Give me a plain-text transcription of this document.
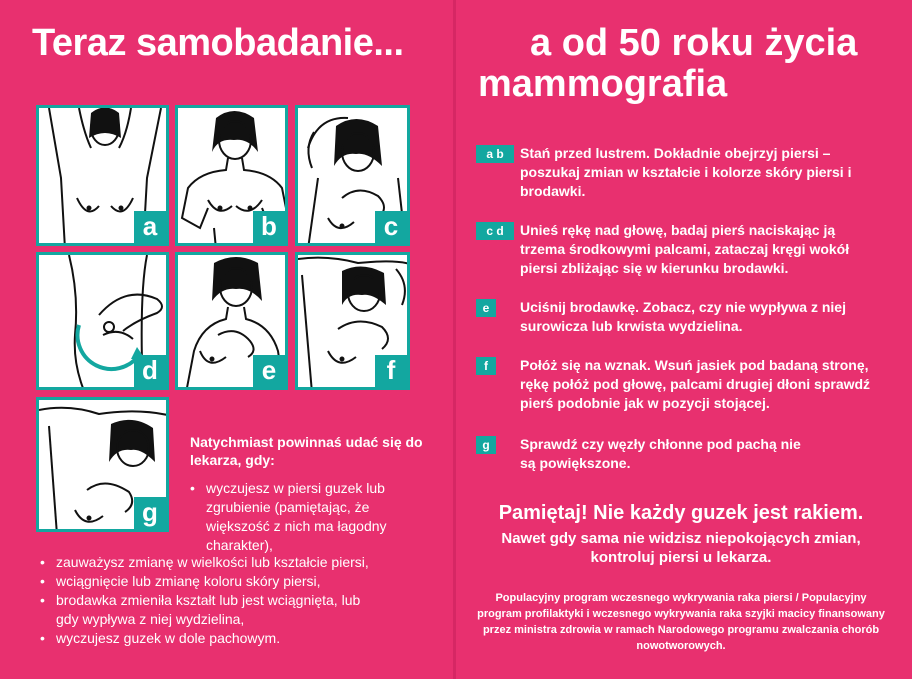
Teraz samobadanie...	a od 50 roku życia
mammografia
a	b	c
d	e	f
g
Natychmiast powinnaś udać się do lekarza, gdy:
• wyczujesz w piersi guzek lub zgrubienie (pamiętając, że większość z nich ma łagodny charakter),
• zauważysz zmianę w wielkości lub kształcie piersi,
• wciągnięcie lub zmianę koloru skóry piersi,
• brodawka zmieniła kształt lub jest wciągnięta, lub gdy wypływa z niej wydzielina,
• wyczujesz guzek w dole pachowym.
a b	Stań przed lustrem. Dokładnie obejrzyj piersi – poszukaj zmian w kształcie i kolorze skóry piersi i brodawki.
c d	Unieś rękę nad głowę, badaj pierś naciskając ją trzema środkowymi palcami, zataczaj kręgi wokół piersi zbliżając się w kierunku brodawki.
e	Uciśnij brodawkę. Zobacz, czy nie wypływa z niej surowicza lub krwista wydzielina.
f	Połóż się na wznak. Wsuń jasiek pod badaną stronę, rękę połóż pod głowę, palcami drugiej dłoni sprawdź pierś podobnie jak w pozycji stojącej.
g	Sprawdź czy węzły chłonne pod pachą nie są powiększone.
Pamiętaj! Nie każdy guzek jest rakiem.
Nawet gdy sama nie widzisz niepokojących zmian, kontroluj piersi u lekarza.
Populacyjny program wczesnego wykrywania raka piersi / Populacyjny program profilaktyki i wczesnego wykrywania raka szyjki macicy finansowany przez ministra zdrowia w ramach Narodowego programu zwalczania chorób nowotworowych.
